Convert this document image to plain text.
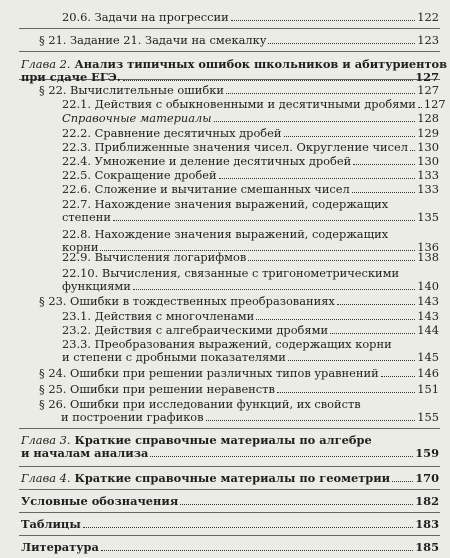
20.6. Задачи на прогрессии	122
§ 21. Задание 21. Задачи на смекалку	123
Глава 2. Анализ типичных ошибок школьников и абитуриентов
при сдаче ЕГЭ.	127
§ 22. Вычислительные ошибки	127
22.1. Действия с обыкновенными и десятичными дробями 127
Справочные материалы	128
22.2. Сравнение десятичных дробей	129
22.3. Приближенные значения чисел. Округление чисел 130
22.4. Умножение и деление десятичных дробей	130
22.5. Сокращение дробей	133
22.6. Сложение и вычитание смешанных чисел	133
22.7. Нахождение значения выражений, содержащих
степени	135
22.8. Нахождение значения выражений, содержащих
корни	136
22.9. Вычисления логарифмов	138
22.10. Вычисления, связанные с тригонометрическими
функциями	140
§ 23. Ошибки в тождественных преобразованиях	143
23.1. Действия с многочленами	143
23.2. Действия с алгебраическими дробями	144
23.3. Преобразования выражений, содержащих корни
и степени с дробными показателями	145
§ 24. Ошибки при решении различных типов уравнений	146
§ 25. Ошибки при решении неравенств	151
§ 26. Ошибки при исследовании функций, их свойств
и построении графиков	155
Глава 3. Краткие справочные материалы по алгебре
и началам анализа	159
Глава 4. Краткие справочные материалы по геометрии 170
Условные обозначения	182
Таблицы	183
Литература	185
